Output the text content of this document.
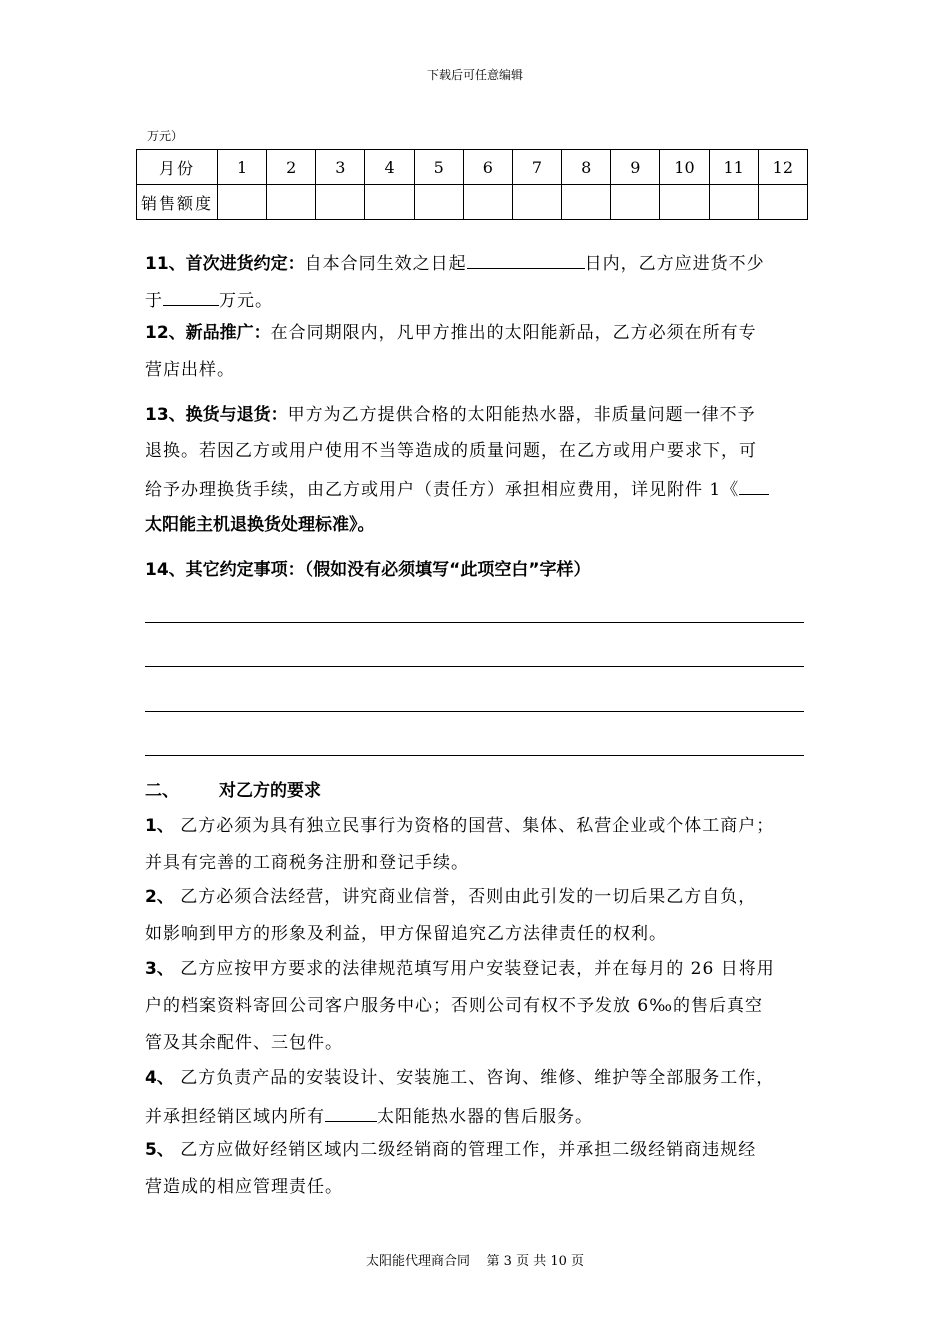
下载后可任意编辑
万元）
月份	1	2	3	4	5	6	7	8	9	10	11	12
销售额度												
11、首次进货约定：自本合同生效之日起	日内，乙方应进货不少
于	万元。
12、新品推广：在合同期限内，凡甲方推出的太阳能新品，乙方必须在所有专
营店出样。
13、换货与退货：甲方为乙方提供合格的太阳能热水器，非质量问题一律不予
退换。若因乙方或用户使用不当等造成的质量问题，在乙方或用户要求下，可
给予办理换货手续，由乙方或用户（责任方）承担相应费用，详见附件 1《
太阳能主机退换货处理标准》。
14、其它约定事项：（假如没有必须填写“此项空白”字样）
二、 对乙方的要求
1、 乙方必须为具有独立民事行为资格的国营、集体、私营企业或个体工商户；
并具有完善的工商税务注册和登记手续。
2、 乙方必须合法经营，讲究商业信誉，否则由此引发的一切后果乙方自负，
如影响到甲方的形象及利益，甲方保留追究乙方法律责任的权利。
3、 乙方应按甲方要求的法律规范填写用户安装登记表，并在每月的 26 日将用
户的档案资料寄回公司客户服务中心；否则公司有权不予发放 6‰的售后真空
管及其余配件、三包件。
4、 乙方负责产品的安装设计、安装施工、咨询、维修、维护等全部服务工作，
并承担经销区域内所有	太阳能热水器的售后服务。
5、 乙方应做好经销区域内二级经销商的管理工作，并承担二级经销商违规经
营造成的相应管理责任。
太阳能代理商合同 第 3 页 共 10 页
